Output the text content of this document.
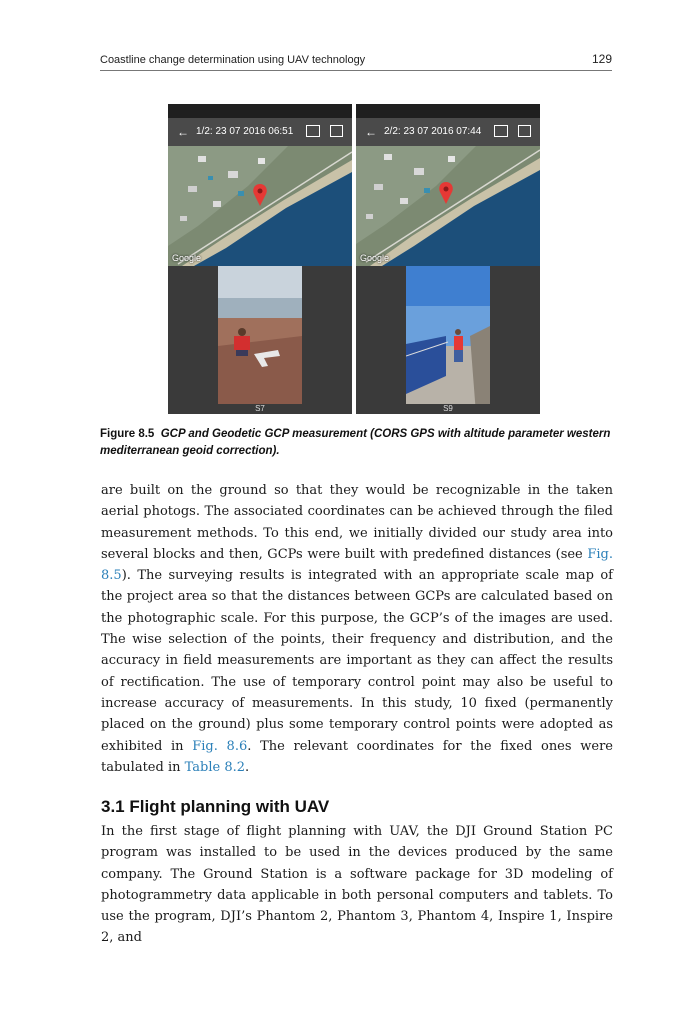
Coastline change determination using UAV technology	129
← 1/2: 23 07 2016 06:51
Google
S7
← 2/2: 23 07 2016 07:44
Google
S9
Figure 8.5 GCP and Geodetic GCP measurement (CORS GPS with altitude parameter western mediterranean geoid correction).
are built on the ground so that they would be recognizable in the taken aerial photogs. The associated coordinates can be achieved through the filed measurement methods. To this end, we initially divided our study area into several blocks and then, GCPs were built with predefined distances (see Fig. 8.5). The surveying results is integrated with an appropriate scale map of the project area so that the distances between GCPs are calculated based on the photographic scale. For this purpose, the GCP’s of the images are used. The wise selection of the points, their frequency and distribution, and the accuracy in field measurements are important as they can affect the results of rectification. The use of temporary control point may also be useful to increase accuracy of measurements. In this study, 10 fixed (permanently placed on the ground) plus some temporary control points were adopted as exhibited in Fig. 8.6. The relevant coordinates for the fixed ones were tabulated in Table 8.2.
3.1 Flight planning with UAV
In the first stage of flight planning with UAV, the DJI Ground Station PC program was installed to be used in the devices produced by the same company. The Ground Station is a software package for 3D modeling of photogrammetry data applicable in both personal computers and tablets. To use the program, DJI’s Phantom 2, Phantom 3, Phantom 4, Inspire 1, Inspire 2, and
